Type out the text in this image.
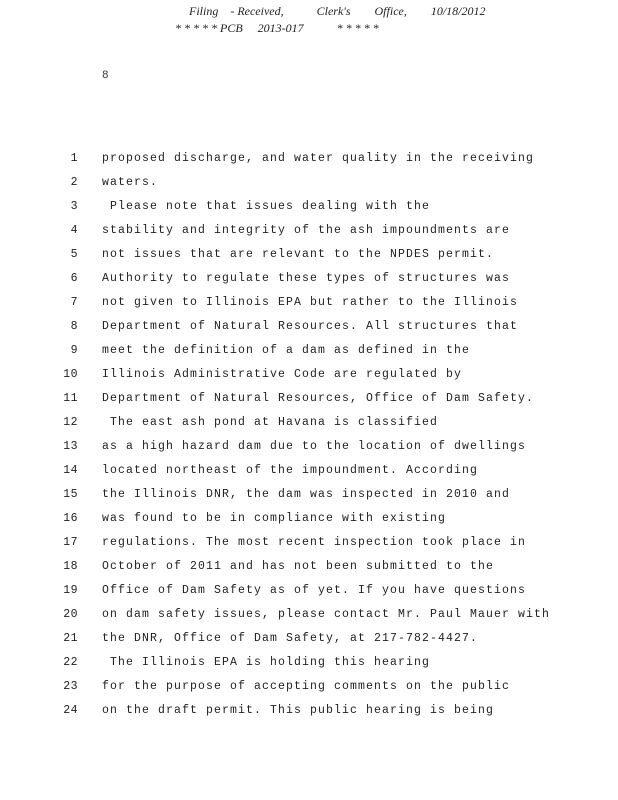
Filing    - Received,           Clerk's        Office,        10/18/2012
* * * * * PCB     2013-017           * * * * *
8
1 proposed discharge, and water quality in the receiving
2 waters.
3 Please note that issues dealing with the
4 stability and integrity of the ash impoundments are
5 not issues that are relevant to the NPDES permit.
6 Authority to regulate these types of structures was
7 not given to Illinois EPA but rather to the Illinois
8 Department of Natural Resources. All structures that
9 meet the definition of a dam as defined in the
10 Illinois Administrative Code are regulated by
11 Department of Natural Resources, Office of Dam Safety.
12 The east ash pond at Havana is classified
13 as a high hazard dam due to the location of dwellings
14 located northeast of the impoundment. According
15 the Illinois DNR, the dam was inspected in 2010 and
16 was found to be in compliance with existing
17 regulations. The most recent inspection took place in
18 October of 2011 and has not been submitted to the
19 Office of Dam Safety as of yet. If you have questions
20 on dam safety issues, please contact Mr. Paul Mauer with
21 the DNR, Office of Dam Safety, at 217-782-4427.
22 The Illinois EPA is holding this hearing
23 for the purpose of accepting comments on the public
24 on the draft permit. This public hearing is being
